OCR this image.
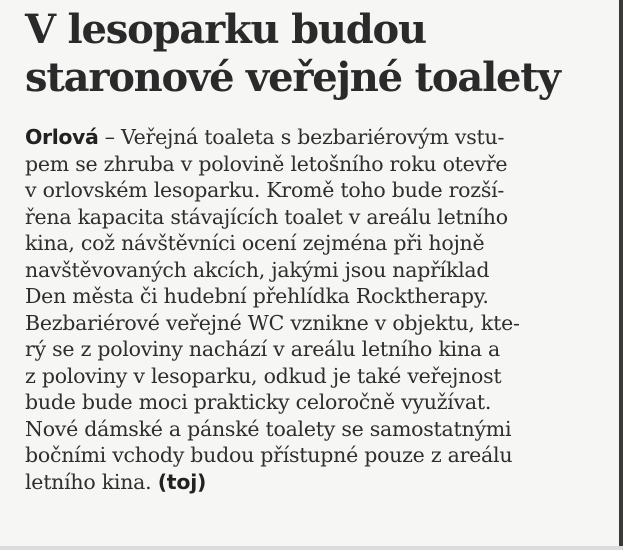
V lesoparku budou
staronové veřejné toalety
Orlová – Veřejná toaleta s bezbariérovým vstu-
pem se zhruba v polovině letošního roku otevře
v orlovském lesoparku. Kromě toho bude rozší-
řena kapacita stávajících toalet v areálu letního
kina, což návštěvníci ocení zejména při hojně
navštěvovaných akcích, jakými jsou například
Den města či hudební přehlídka Rocktherapy.
Bezbariérové veřejné WC vznikne v objektu, kte-
rý se z poloviny nachází v areálu letního kina a
z poloviny v lesoparku, odkud je také veřejnost
bude bude moci prakticky celoročně využívat.
Nové dámské a pánské toalety se samostatnými
bočními vchody budou přístupné pouze z areálu
letního kina. (toj)
